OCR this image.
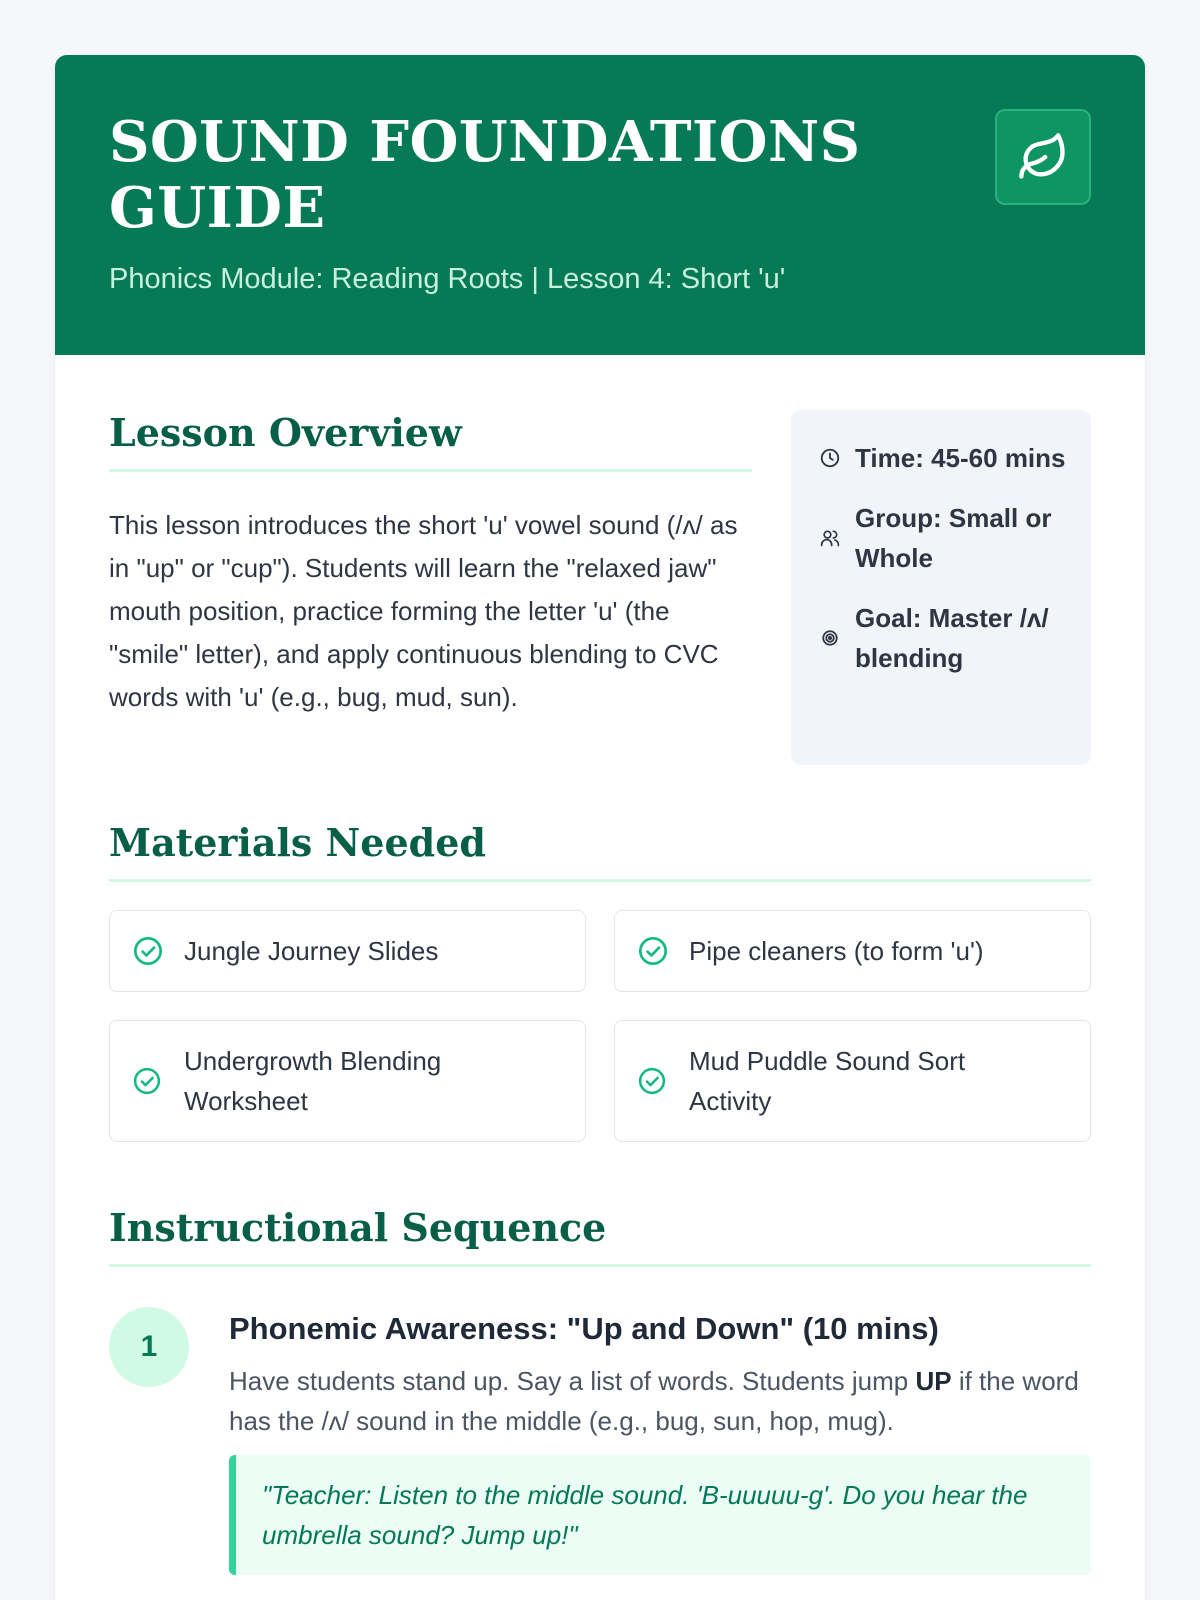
SOUND FOUNDATIONS GUIDE
Phonics Module: Reading Roots | Lesson 4: Short 'u'
Lesson Overview

This lesson introduces the short 'u' vowel sound (/ʌ/ as in "up" or "cup"). Students will learn the "relaxed jaw" mouth position, practice forming the letter 'u' (the "smile" letter), and apply continuous blending to CVC words with 'u' (e.g., bug, mud, sun).

Time: 45-60 mins
Group: Small or Whole
Goal: Master /ʌ/ blending
Materials Needed
Jungle Journey Slides	Pipe cleaners (to form 'u')
Undergrowth Blending Worksheet
Mud Puddle Sound Sort Activity
Instructional Sequence
1
Phonemic Awareness: "Up and Down" (10 mins)
Have students stand up. Say a list of words. Students jump UP if the word has the /ʌ/ sound in the middle (e.g., bug, sun, hop, mug).
"Teacher: Listen to the middle sound. 'B-uuuuu-g'. Do you hear the umbrella sound? Jump up!"
